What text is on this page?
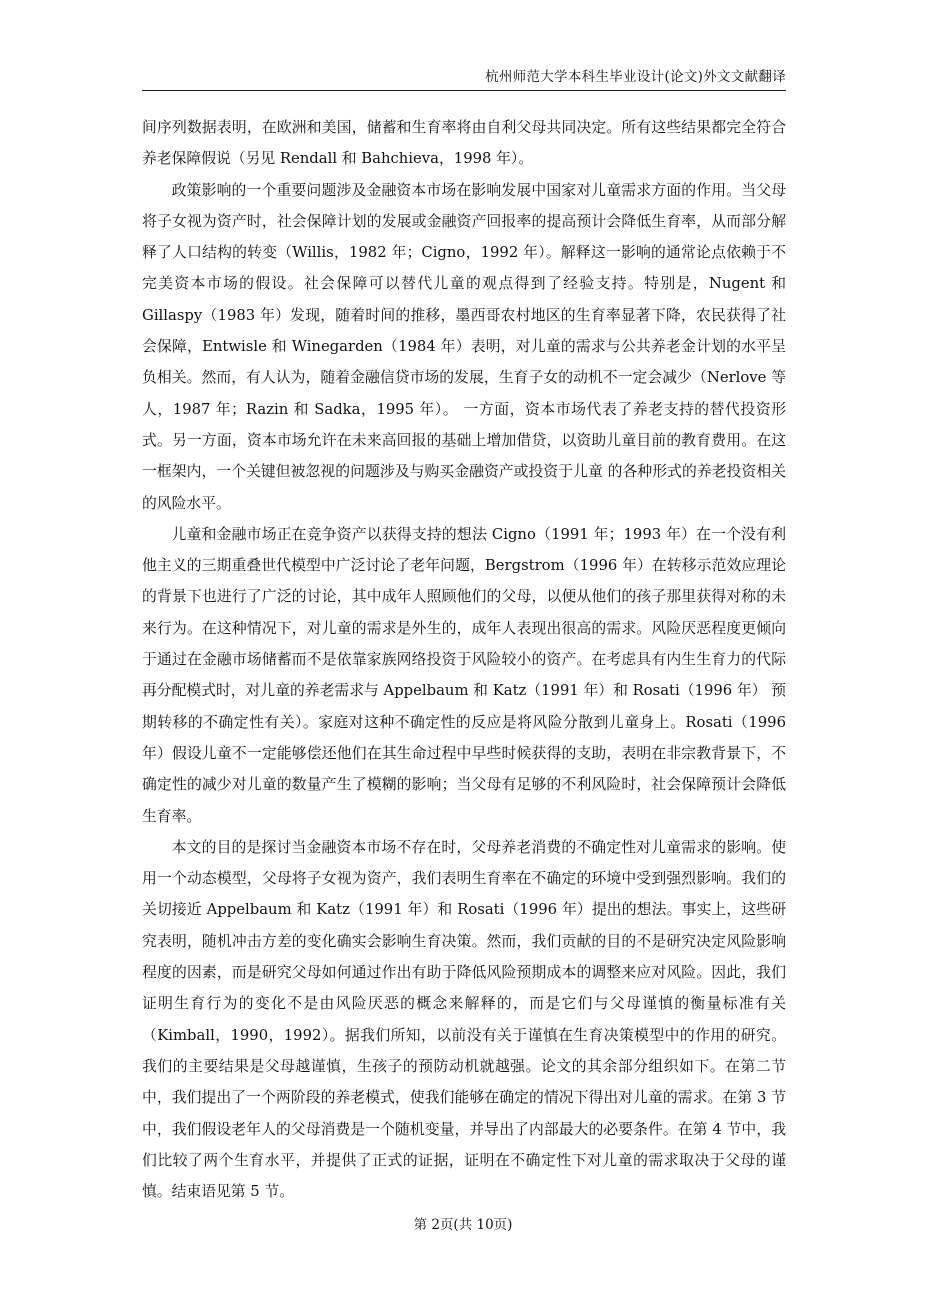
杭州师范大学本科生毕业设计(论文)外文文献翻译

间序列数据表明，在欧洲和美国，储蓄和生育率将由自利父母共同决定。所有这些结果都完全符合养老保障假说（另见 Rendall 和 Bahchieva，1998 年）。

政策影响的一个重要问题涉及金融资本市场在影响发展中国家对儿童需求方面的作用。当父母将子女视为资产时，社会保障计划的发展或金融资产回报率的提高预计会降低生育率，从而部分解释了人口结构的转变（Willis，1982 年；Cigno，1992 年）。解释这一影响的通常论点依赖于不完美资本市场的假设。社会保障可以替代儿童的观点得到了经验支持。特别是，Nugent 和 Gillaspy（1983 年）发现，随着时间的推移，墨西哥农村地区的生育率显著下降，农民获得了社会保障，Entwisle 和 Winegarden（1984 年）表明，对儿童的需求与公共养老金计划的水平呈负相关。然而，有人认为，随着金融信贷市场的发展，生育子女的动机不一定会减少（Nerlove 等人，1987 年；Razin 和 Sadka，1995 年）。 一方面，资本市场代表了养老支持的替代投资形式。另一方面，资本市场允许在未来高回报的基础上增加借贷，以资助儿童目前的教育费用。在这一框架内，一个关键但被忽视的问题涉及与购买金融资产或投资于儿童 的各种形式的养老投资相关的风险水平。

儿童和金融市场正在竞争资产以获得支持的想法 Cigno（1991 年；1993 年）在一个没有利他主义的三期重叠世代模型中广泛讨论了老年问题，Bergstrom（1996 年）在转移示范效应理论的背景下也进行了广泛的讨论，其中成年人照顾他们的父母，以便从他们的孩子那里获得对称的未来行为。在这种情况下，对儿童的需求是外生的，成年人表现出很高的需求。风险厌恶程度更倾向于通过在金融市场储蓄而不是依靠家族网络投资于风险较小的资产。在考虑具有内生生育力的代际再分配模式时，对儿童的养老需求与 Appelbaum 和 Katz（1991 年）和 Rosati（1996 年） 预期转移的不确定性有关）。家庭对这种不确定性的反应是将风险分散到儿童身上。Rosati（1996 年）假设儿童不一定能够偿还他们在其生命过程中早些时候获得的支助，表明在非宗教背景下，不确定性的减少对儿童的数量产生了模糊的影响；当父母有足够的不利风险时，社会保障预计会降低生育率。

本文的目的是探讨当金融资本市场不存在时，父母养老消费的不确定性对儿童需求的影响。使用一个动态模型，父母将子女视为资产，我们表明生育率在不确定的环境中受到强烈影响。我们的关切接近 Appelbaum 和 Katz（1991 年）和 Rosati（1996 年）提出的想法。事实上，这些研究表明，随机冲击方差的变化确实会影响生育决策。然而，我们贡献的目的不是研究决定风险影响程度的因素，而是研究父母如何通过作出有助于降低风险预期成本的调整来应对风险。因此，我们证明生育行为的变化不是由风险厌恶的概念来解释的，而是它们与父母谨慎的衡量标准有关（Kimball，1990，1992）。据我们所知，以前没有关于谨慎在生育决策模型中的作用的研究。 我们的主要结果是父母越谨慎，生孩子的预防动机就越强。论文的其余部分组织如下。在第二节中，我们提出了一个两阶段的养老模式，使我们能够在确定的情况下得出对儿童的需求。在第 3 节中，我们假设老年人的父母消费是一个随机变量，并导出了内部最大的必要条件。在第 4 节中，我们比较了两个生育水平，并提供了正式的证据，证明在不确定性下对儿童的需求取决于父母的谨慎。结束语见第 5 节。

第 2页(共 10页)
